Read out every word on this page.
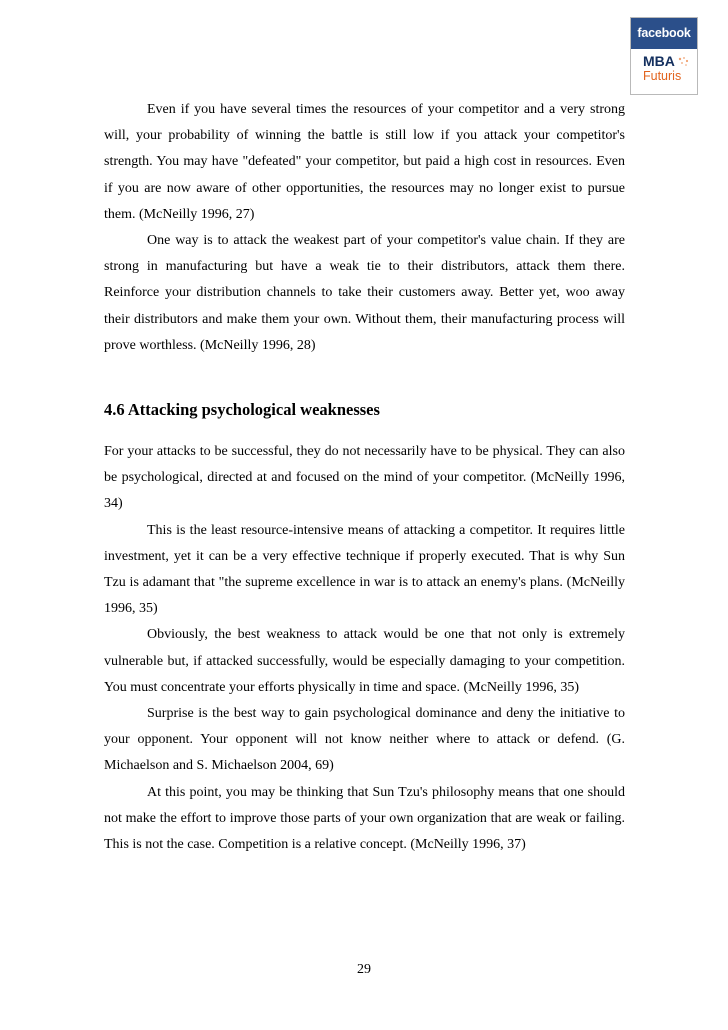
facebook
MBA
Futuris

Even if you have several times the resources of your competitor and a very strong will, your probability of winning the battle is still low if you attack your competitor's strength. You may have "defeated" your competitor, but paid a high cost in resources. Even if you are now aware of other opportunities, the resources may no longer exist to pursue them. (McNeilly 1996, 27)

One way is to attack the weakest part of your competitor's value chain. If they are strong in manufacturing but have a weak tie to their distributors, attack them there. Reinforce your distribution channels to take their customers away. Better yet, woo away their distributors and make them your own. Without them, their manufacturing process will prove worthless. (McNeilly 1996, 28)

4.6 Attacking psychological weaknesses

For your attacks to be successful, they do not necessarily have to be physical. They can also be psychological, directed at and focused on the mind of your competitor. (McNeilly 1996, 34)

This is the least resource-intensive means of attacking a competitor. It requires little investment, yet it can be a very effective technique if properly executed. That is why Sun Tzu is adamant that "the supreme excellence in war is to attack an enemy's plans. (McNeilly 1996, 35)

Obviously, the best weakness to attack would be one that not only is extremely vulnerable but, if attacked successfully, would be especially damaging to your competition. You must concentrate your efforts physically in time and space. (McNeilly 1996, 35)

Surprise is the best way to gain psychological dominance and deny the initiative to your opponent. Your opponent will not know neither where to attack or defend. (G. Michaelson and S. Michaelson 2004, 69)

At this point, you may be thinking that Sun Tzu's philosophy means that one should not make the effort to improve those parts of your own organization that are weak or failing. This is not the case. Competition is a relative concept. (McNeilly 1996, 37)

29
